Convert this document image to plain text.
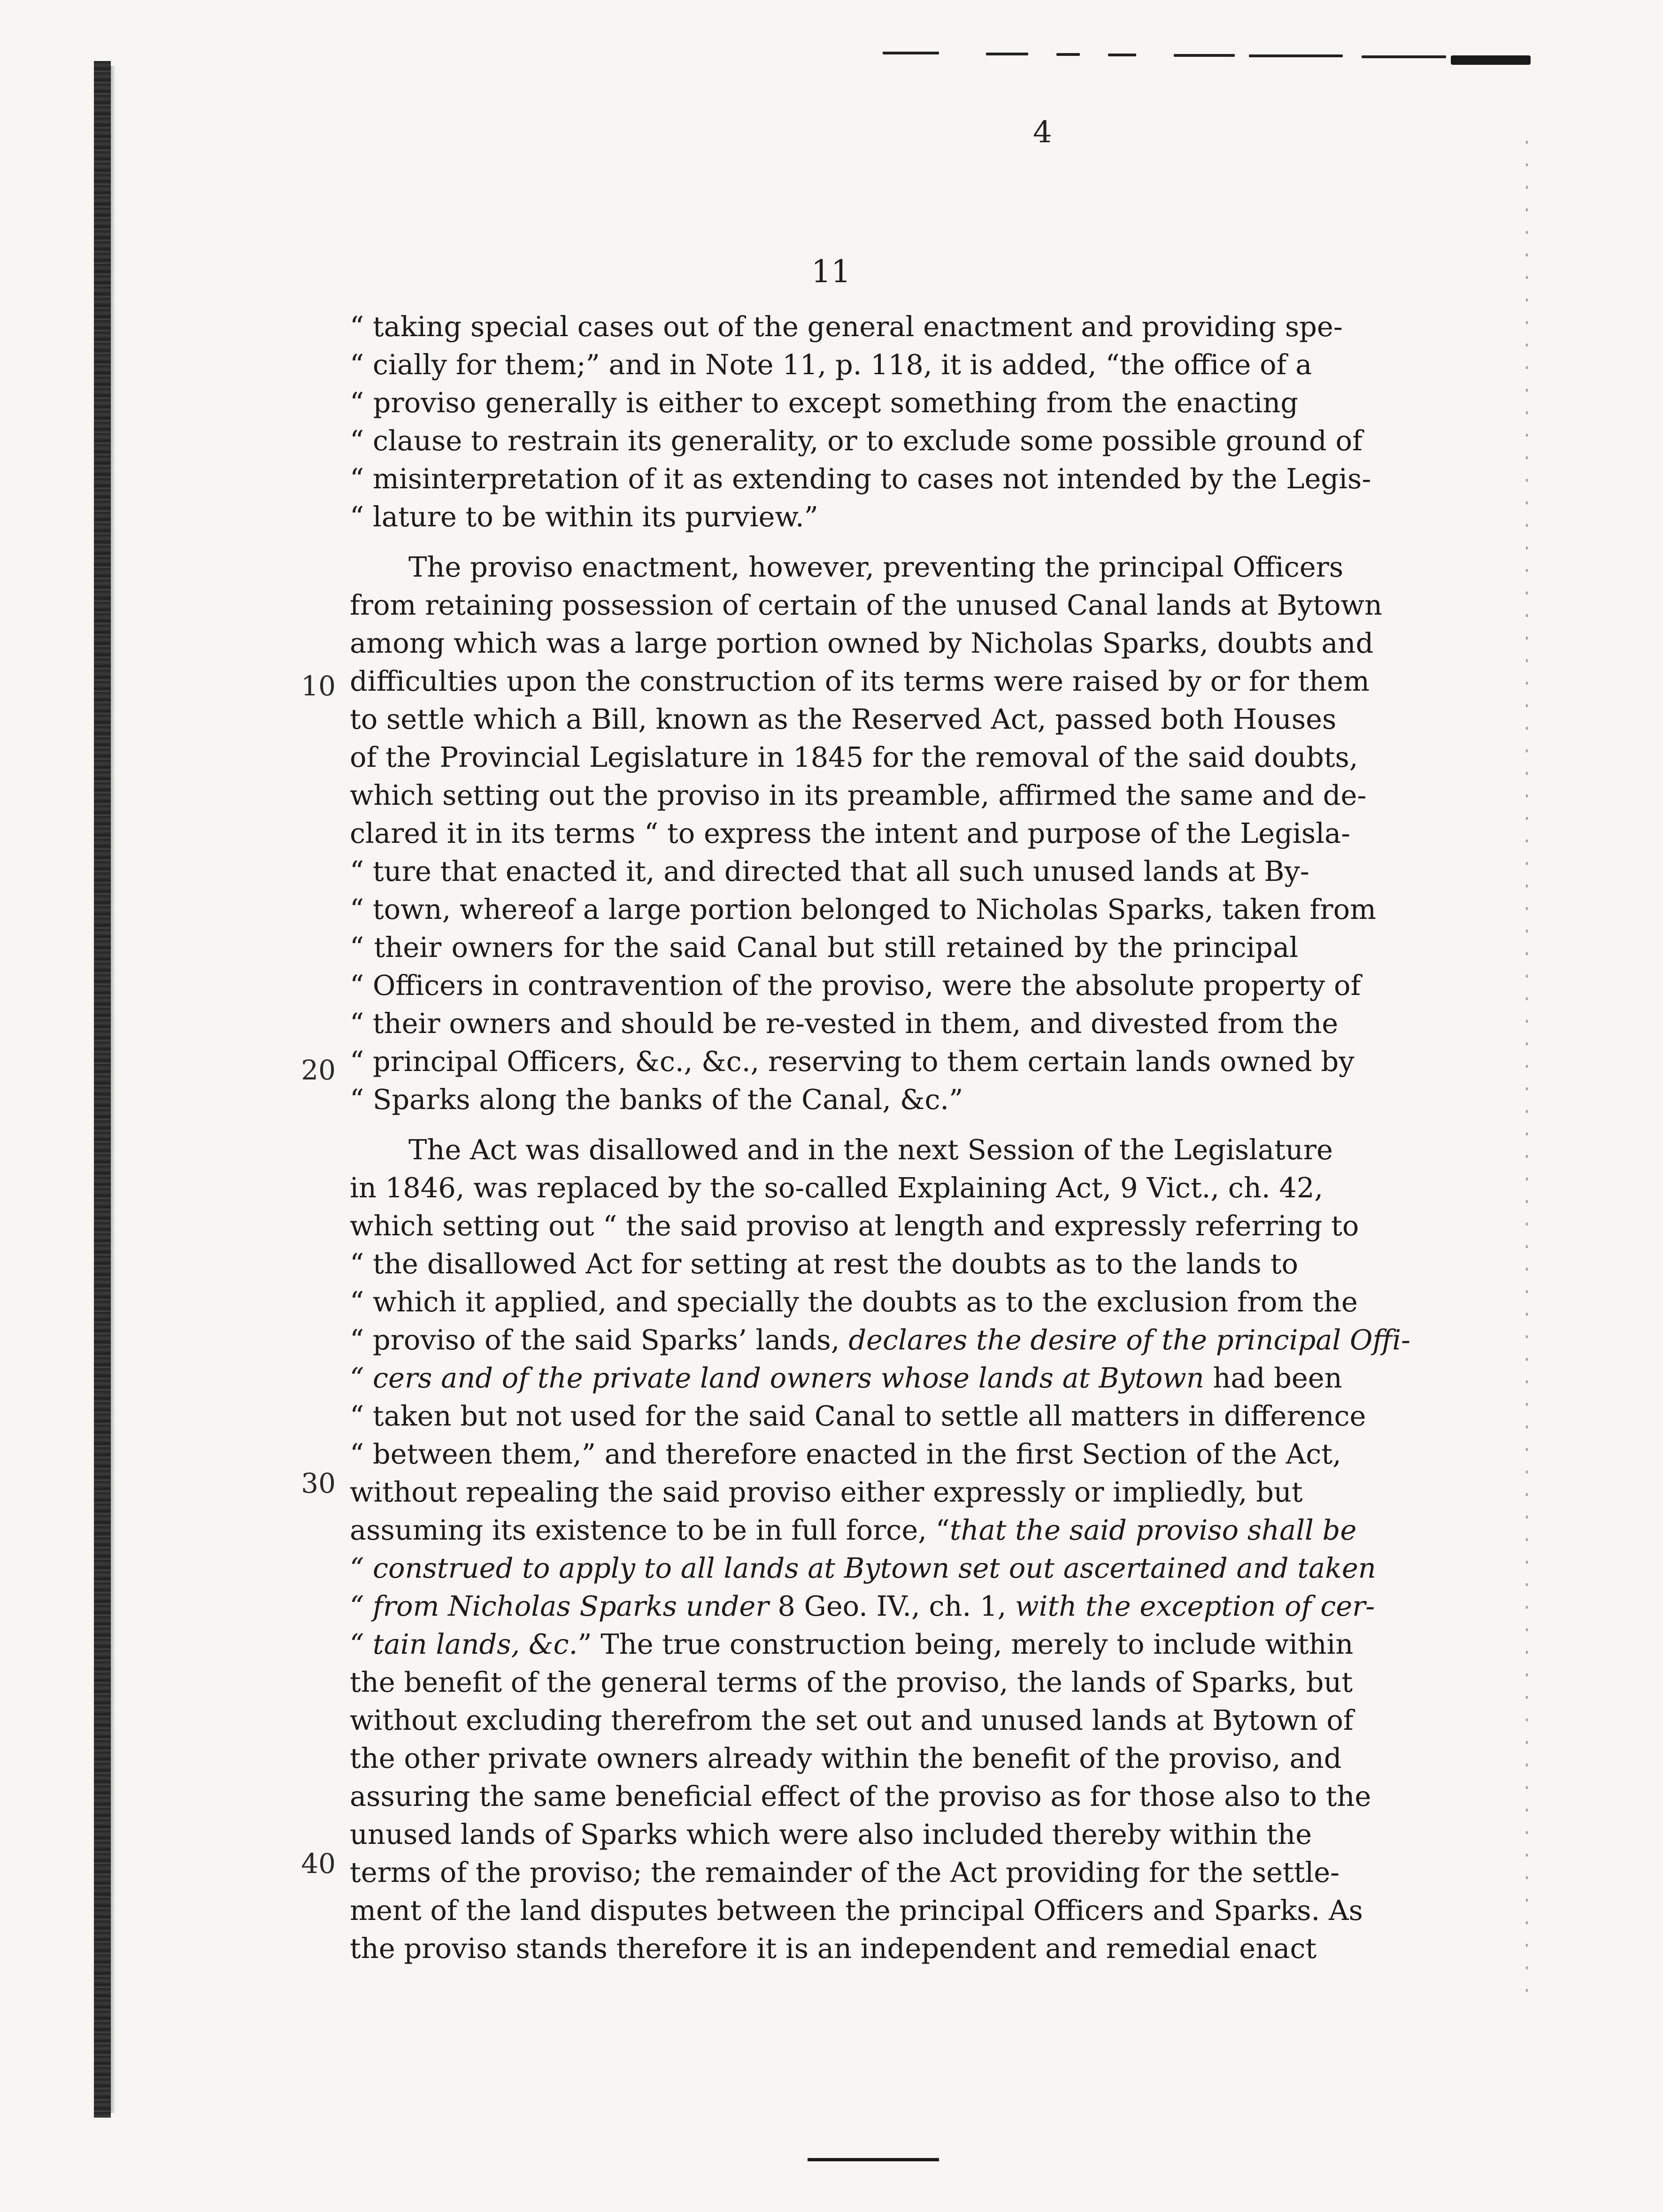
4
11
10
20
30
40
“ taking special cases out of the general enactment and providing spe-
“ cially for them;” and in Note 11, p. 118, it is added, “the office of a
“ proviso generally is either to except something from the enacting
“ clause to restrain its generality, or to exclude some possible ground of
“ misinterpretation of it as extending to cases not intended by the Legis-
“ lature to be within its purview.”
The proviso enactment, however, preventing the principal Officers
from retaining possession of certain of the unused Canal lands at Bytown
among which was a large portion owned by Nicholas Sparks, doubts and
difficulties upon the construction of its terms were raised by or for them
to settle which a Bill, known as the Reserved Act, passed both Houses
of the Provincial Legislature in 1845 for the removal of the said doubts,
which setting out the proviso in its preamble, affirmed the same and de-
clared it in its terms “ to express the intent and purpose of the Legisla-
“ ture that enacted it, and directed that all such unused lands at By-
“ town, whereof a large portion belonged to Nicholas Sparks, taken from
“ their owners for the said Canal but still retained by the principal
“ Officers in contravention of the proviso, were the absolute property of
“ their owners and should be re-vested in them, and divested from the
“ principal Officers, &c., &c., reserving to them certain lands owned by
“ Sparks along the banks of the Canal, &c.”
The Act was disallowed and in the next Session of the Legislature
in 1846, was replaced by the so-called Explaining Act, 9 Vict., ch. 42,
which setting out “ the said proviso at length and expressly referring to
“ the disallowed Act for setting at rest the doubts as to the lands to
“ which it applied, and specially the doubts as to the exclusion from the
“ proviso of the said Sparks’ lands, declares the desire of the principal Offi-
“ cers and of the private land owners whose lands at Bytown had been
“ taken but not used for the said Canal to settle all matters in difference
“ between them,” and therefore enacted in the first Section of the Act,
without repealing the said proviso either expressly or impliedly, but
assuming its existence to be in full force, “that the said proviso shall be
“ construed to apply to all lands at Bytown set out ascertained and taken
“ from Nicholas Sparks under 8 Geo. IV., ch. 1, with the exception of cer-
“ tain lands, &c.” The true construction being, merely to include within
the benefit of the general terms of the proviso, the lands of Sparks, but
without excluding therefrom the set out and unused lands at Bytown of
the other private owners already within the benefit of the proviso, and
assuring the same beneficial effect of the proviso as for those also to the
unused lands of Sparks which were also included thereby within the
terms of the proviso; the remainder of the Act providing for the settle-
ment of the land disputes between the principal Officers and Sparks. As
the proviso stands therefore it is an independent and remedial enact
